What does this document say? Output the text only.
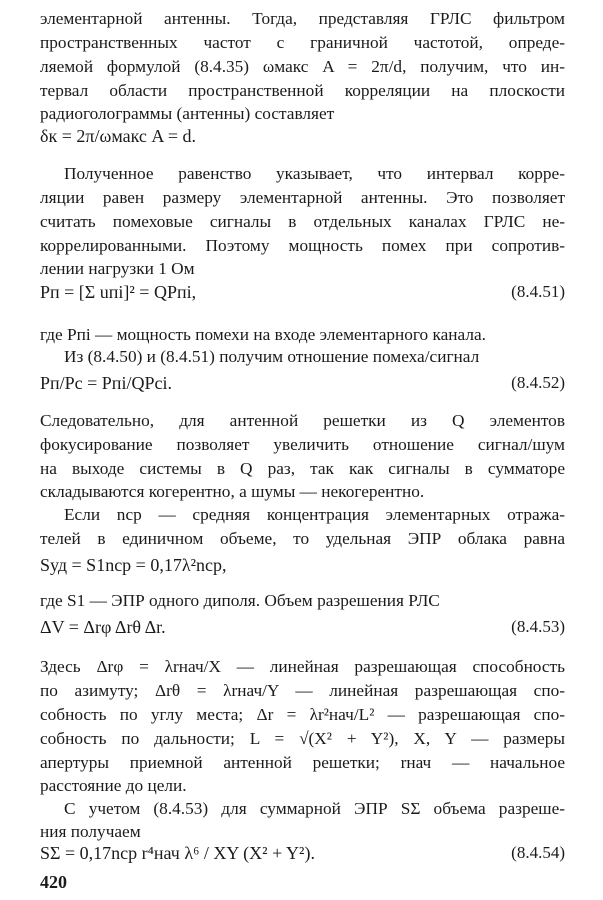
элементарной антенны. Тогда, представляя ГРЛС фильтром
пространственных частот с граничной частотой, опреде-
ляемой формулой (8.4.35) ωмакс A = 2π/d, получим, что ин-
тервал области пространственной корреляции на плоскости
радиоголограммы (антенны) составляет
δк = 2π/ωмакс A = d.
Полученное равенство указывает, что интервал корре-
ляции равен размеру элементарной антенны. Это позволяет
считать помеховые сигналы в отдельных каналах ГРЛС не-
коррелированными. Поэтому мощность помех при сопротив-
лении нагрузки 1 Ом
Pп = [Σ uпi]² = QPпi,	(8.4.51)
где Pпi — мощность помехи на входе элементарного канала.
Из (8.4.50) и (8.4.51) получим отношение помеха/сигнал
Pп/Pс = Pпi/QPсi.	(8.4.52)
Следовательно, для антенной решетки из Q элементов
фокусирование позволяет увеличить отношение сигнал/шум
на выходе системы в Q раз, так как сигналы в сумматоре
складываются когерентно, а шумы — некогерентно.
Если nср — средняя концентрация элементарных отража-
телей в единичном объеме, то удельная ЭПР облака равна
Sуд = S1nср = 0,17λ²nср,
где S1 — ЭПР одного диполя. Объем разрешения РЛС
ΔV = Δrφ Δrθ Δr.	(8.4.53)
Здесь Δrφ = λrнач/X — линейная разрешающая способность
по азимуту; Δrθ = λrнач/Y — линейная разрешающая спо-
собность по углу места; Δr = λr²нач/L² — разрешающая спо-
собность по дальности; L = √(X² + Y²), X, Y — размеры
апертуры приемной антенной решетки; rнач — начальное
расстояние до цели.
С учетом (8.4.53) для суммарной ЭПР SΣ объема разреше-
ния получаем
SΣ = 0,17nср r⁴нач λ⁶ / XY (X² + Y²).	(8.4.54)
420
